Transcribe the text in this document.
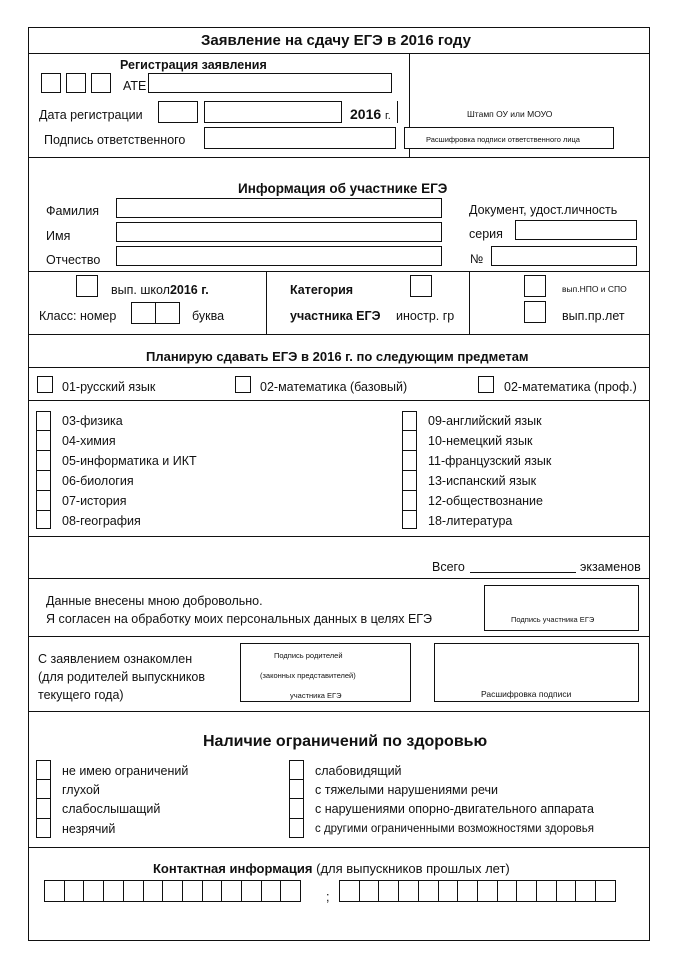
Заявление на сдачу ЕГЭ в 2016 году
Регистрация заявления
АТЕ
Штамп ОУ или МОУО
Дата регистрации	2016 г.
Подпись ответственного	Расшифровка подписи ответственного лица
Информация об участнике ЕГЭ
Фамилия
Имя
Отчество
Документ, удост.личность
серия
№
вып. школ2016 г.
Класс: номер	буква
Категория
участника ЕГЭ иностр. гр
вып.НПО и СПО
вып.пр.лет
Планирую сдавать ЕГЭ в 2016 г. по следующим предметам
01-русский язык	02-математика (базовый)	02-математика (проф.)
03-физика
04-химия
05-информатика и ИКТ
06-биология
07-история
08-география
09-английский язык
10-немецкий язык
11-французский язык
13-испанский язык
12-обществознание
18-литература
Всего	экзаменов
Данные внесены мною добровольно.
Я согласен на обработку моих персональных данных в целях ЕГЭ	Подпись участника ЕГЭ
С заявлением ознакомлен
(для родителей выпускников
текущего года)
Подпись родителей
(законных представителей)
участника ЕГЭ	Расшифровка подписи
Наличие ограничений по здоровью
не имею ограничений
глухой
слабослышащий
незрячий
слабовидящий
с тяжелыми нарушениями речи
с нарушениями опорно-двигательного аппарата
с другими ограниченными возможностями здоровья
Контактная информация (для выпускников прошлых лет)
;
